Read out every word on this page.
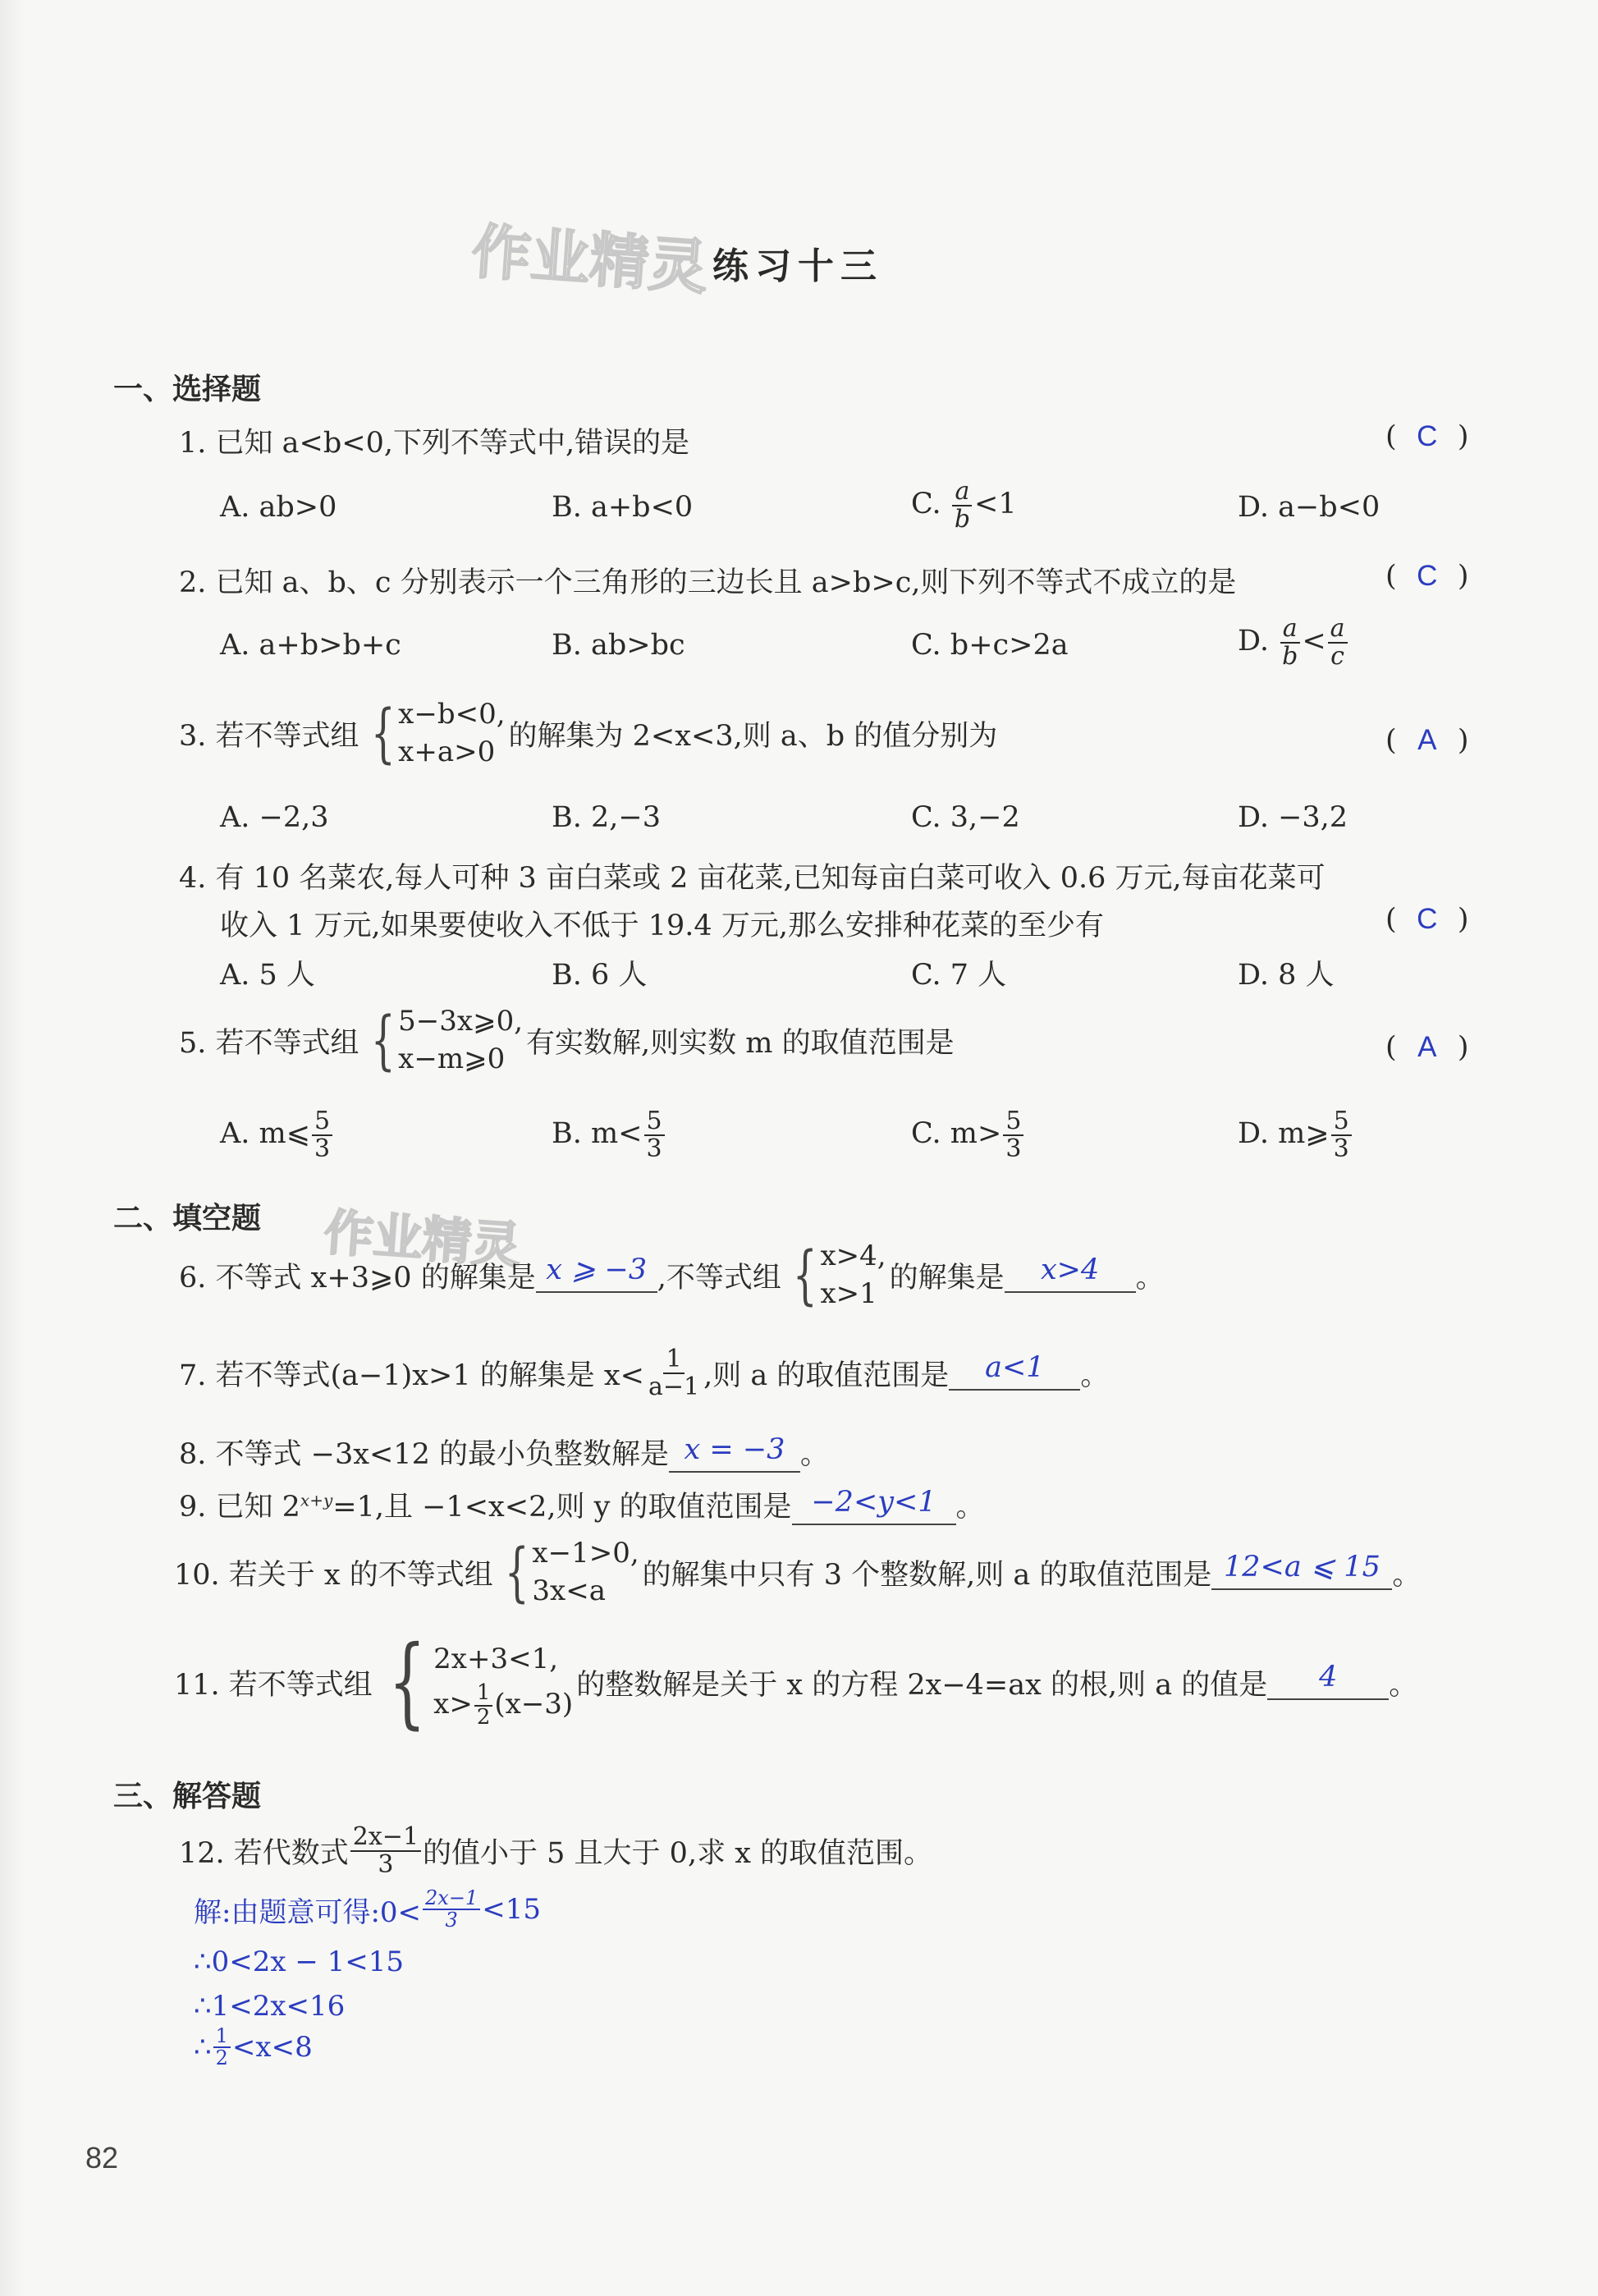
作业精灵
作业精灵
练习十三
一、选择题
1. 已知 a<b<0,下列不等式中,错误的是	( C )
A. ab>0	B. a+b<0	C. $\frac{a}{b} <1$	D. a−b<0
2. 已知 a、b、c 分别表示一个三角形的三边长且 a>b>c,则下列不等式不成立的是	( C )
A. a+b>b+c	B. ab>bc	C. b+c>2a	D. $\frac{a}{b} < \frac{a}{c}$
3. 若不等式组 { x−b<0,
x+a>0 的解集为 2<x<3,则 a、b 的值分别为	( A )
A. −2,3	B. 2,−3	C. 3,−2	D. −3,2
4. 有 10 名菜农,每人可种 3 亩白菜或 2 亩花菜,已知每亩白菜可收入 0.6 万元,每亩花菜可
收入 1 万元,如果要使收入不低于 19.4 万元,那么安排种花菜的至少有	( C )
A. 5 人	B. 6 人	C. 7 人	D. 8 人
5. 若不等式组 { 5−3x⩾0,
x−m⩾0 有实数解,则实数 m 的取值范围是	( A )
A. m⩽ $\frac{5}{3}$	B. $m< \frac{5}{3}$	C. $m> \frac{5}{3}$	D. m⩾ $\frac{5}{3}$
二、填空题
6. 不等式 x+3⩾0 的解集是 x ⩾ −3 ,不等式组 { x>4,
x>1 的解集是	x>4	。
7. 若不等式(a−1)x>1 的解集是 $x< \frac{1}{a-1}$ ,则 a 的取值范围是	a<1	。
8. 不等式 −3x<12 的最小负整数解是 x = −3 。
9. 已知 $2^{x+y}=1$,且 −1<x<2,则 y 的取值范围是 −2<y<1 。
10. 若关于 x 的不等式组 { x−1>0,
3x<a	的解集中只有 3 个整数解,则 a 的取值范围是 12<a ⩽ 15 。
11. 若不等式组 { 2x+3<1,
$x> \frac{1}{2} (x-3)$
的整数解是关于 x 的方程 2x−4=ax 的根,则 a 的值是	4	。
三、解答题
12. 若代数式 $\frac{2x-1}{3}$ 的值小于 5 且大于 0,求 x 的取值范围。
解:由题意可得:0< $\frac{2x-1}{3} <15$
∴0<2x − 1<15
∴1<2x<16
∴ $\frac{1}{2} <x<8$
82
